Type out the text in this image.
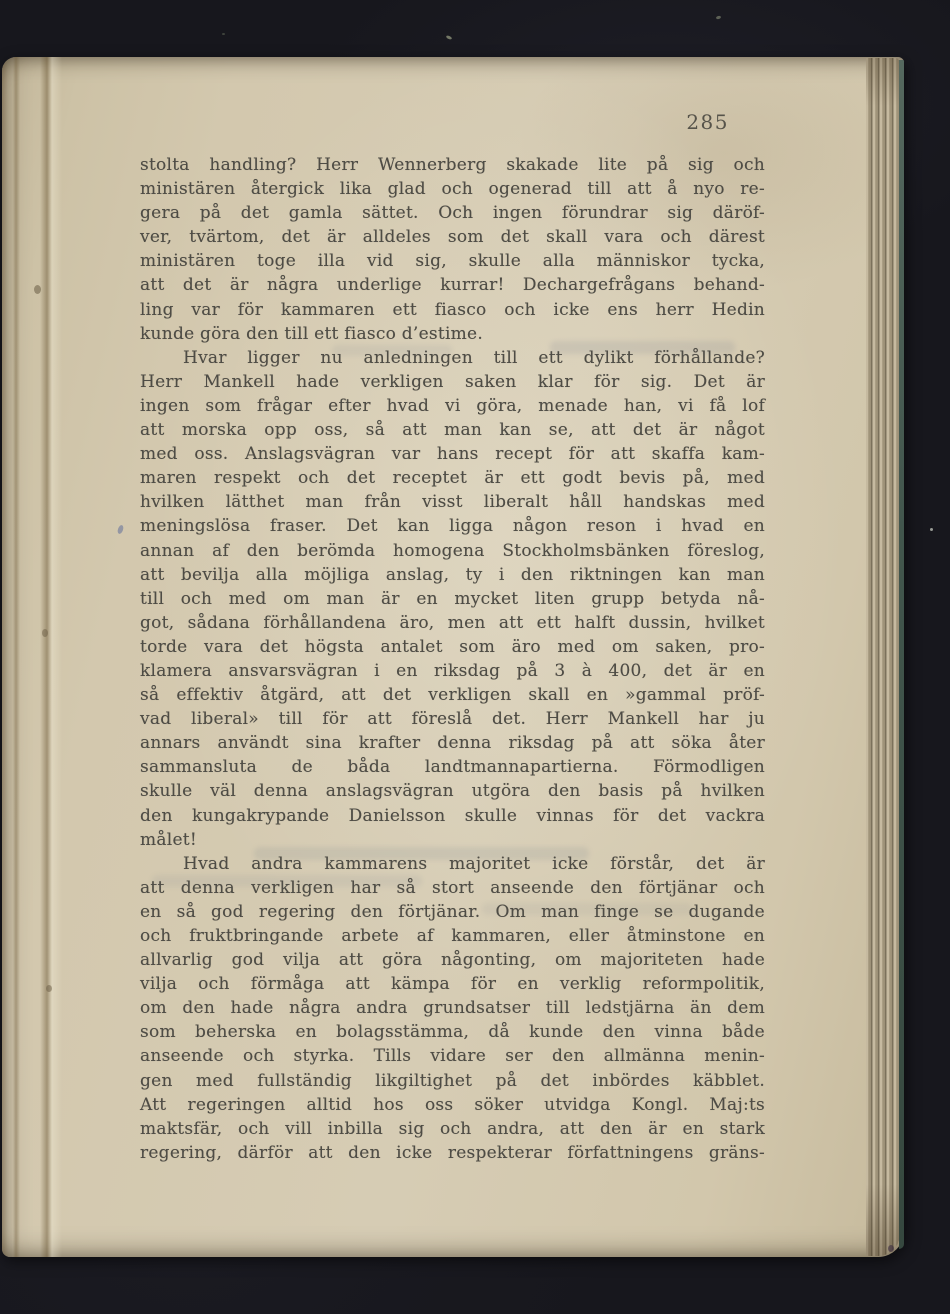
285
stolta handling? Herr Wennerberg skakade lite på sig och
ministären återgick lika glad och ogenerad till att å nyo re-
gera på det gamla sättet. Och ingen förundrar sig däröf-
ver, tvärtom, det är alldeles som det skall vara och därest
ministären toge illa vid sig, skulle alla människor tycka,
att det är några underlige kurrar! Dechargefrågans behand-
ling var för kammaren ett fiasco och icke ens herr Hedin
kunde göra den till ett fiasco d’estime.
Hvar ligger nu anledningen till ett dylikt förhållande?
Herr Mankell hade verkligen saken klar för sig. Det är
ingen som frågar efter hvad vi göra, menade han, vi få lof
att morska opp oss, så att man kan se, att det är något
med oss. Anslagsvägran var hans recept för att skaffa kam-
maren respekt och det receptet är ett godt bevis på, med
hvilken lätthet man från visst liberalt håll handskas med
meningslösa fraser. Det kan ligga någon reson i hvad en
annan af den berömda homogena Stockholmsbänken föreslog,
att bevilja alla möjliga anslag, ty i den riktningen kan man
till och med om man är en mycket liten grupp betyda nå-
got, sådana förhållandena äro, men att ett halft dussin, hvilket
torde vara det högsta antalet som äro med om saken, pro-
klamera ansvarsvägran i en riksdag på 3 à 400, det är en
så effektiv åtgärd, att det verkligen skall en »gammal pröf-
vad liberal» till för att föreslå det. Herr Mankell har ju
annars användt sina krafter denna riksdag på att söka åter
sammansluta de båda landtmannapartierna. Förmodligen
skulle väl denna anslagsvägran utgöra den basis på hvilken
den kungakrypande Danielsson skulle vinnas för det vackra
målet!
Hvad andra kammarens majoritet icke förstår, det är
att denna verkligen har så stort anseende den förtjänar och
en så god regering den förtjänar. Om man finge se dugande
och fruktbringande arbete af kammaren, eller åtminstone en
allvarlig god vilja att göra någonting, om majoriteten hade
vilja och förmåga att kämpa för en verklig reformpolitik,
om den hade några andra grundsatser till ledstjärna än dem
som beherska en bolagsstämma, då kunde den vinna både
anseende och styrka. Tills vidare ser den allmänna menin-
gen med fullständig likgiltighet på det inbördes käbblet.
Att regeringen alltid hos oss söker utvidga Kongl. Maj:ts
maktsfär, och vill inbilla sig och andra, att den är en stark
regering, därför att den icke respekterar författningens gräns-
